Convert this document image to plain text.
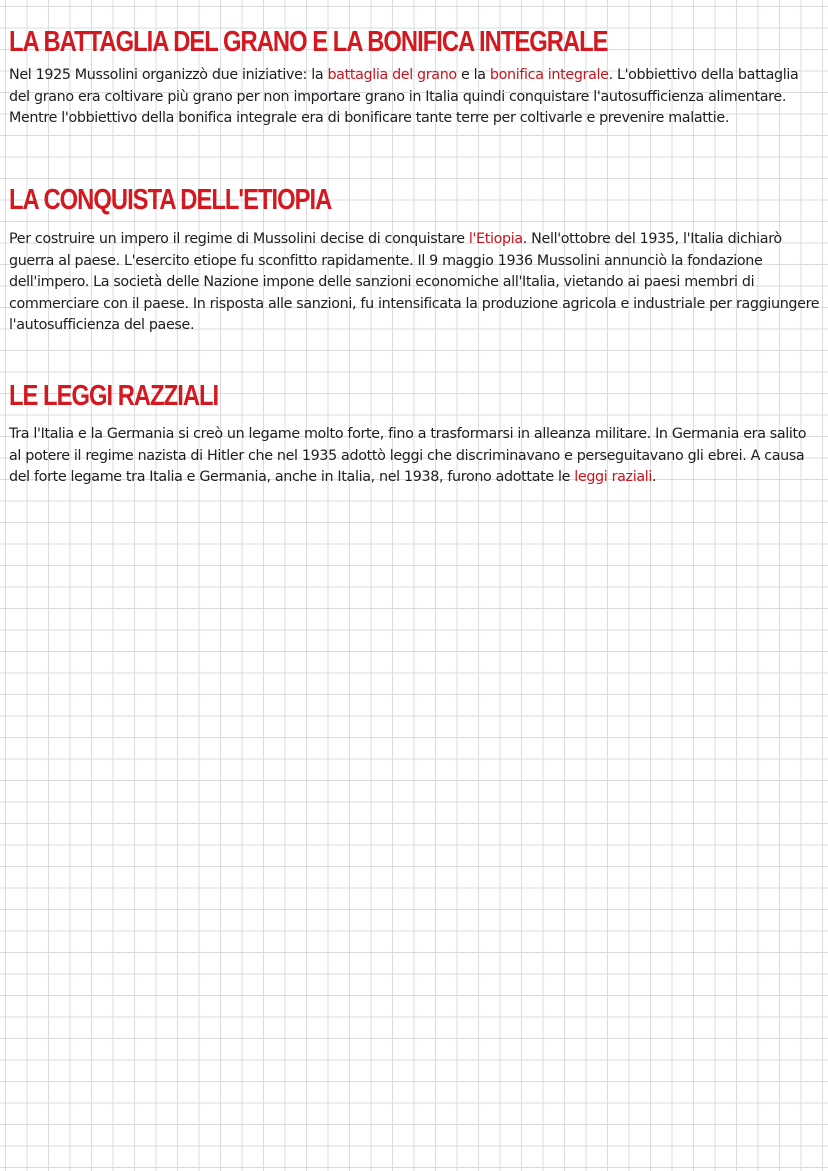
LA BATTAGLIA DEL GRANO E LA BONIFICA INTEGRALE

Nel 1925 Mussolini organizzò due iniziative: la battaglia del grano e la bonifica integrale. L'obbiettivo della battaglia del grano era coltivare più grano per non importare grano in Italia quindi conquistare l'autosufficienza alimentare. Mentre l'obbiettivo della bonifica integrale era di bonificare tante terre per coltivarle e prevenire malattie.

LA CONQUISTA DELL'ETIOPIA

Per costruire un impero il regime di Mussolini decise di conquistare l'Etiopia. Nell'ottobre del 1935, l'Italia dichiarò guerra al paese. L'esercito etiope fu sconfitto rapidamente. Il 9 maggio 1936 Mussolini annunciò la fondazione dell'impero. La società delle Nazione impone delle sanzioni economiche all'Italia, vietando ai paesi membri di commerciare con il paese. In risposta alle sanzioni, fu intensificata la produzione agricola e industriale per raggiungere l'autosufficienza del paese.

LE LEGGI RAZZIALI

Tra l'Italia e la Germania si creò un legame molto forte, fino a trasformarsi in alleanza militare. In Germania era salito al potere il regime nazista di Hitler che nel 1935 adottò leggi che discriminavano e perseguitavano gli ebrei. A causa del forte legame tra Italia e Germania, anche in Italia, nel 1938, furono adottate le leggi raziali.
